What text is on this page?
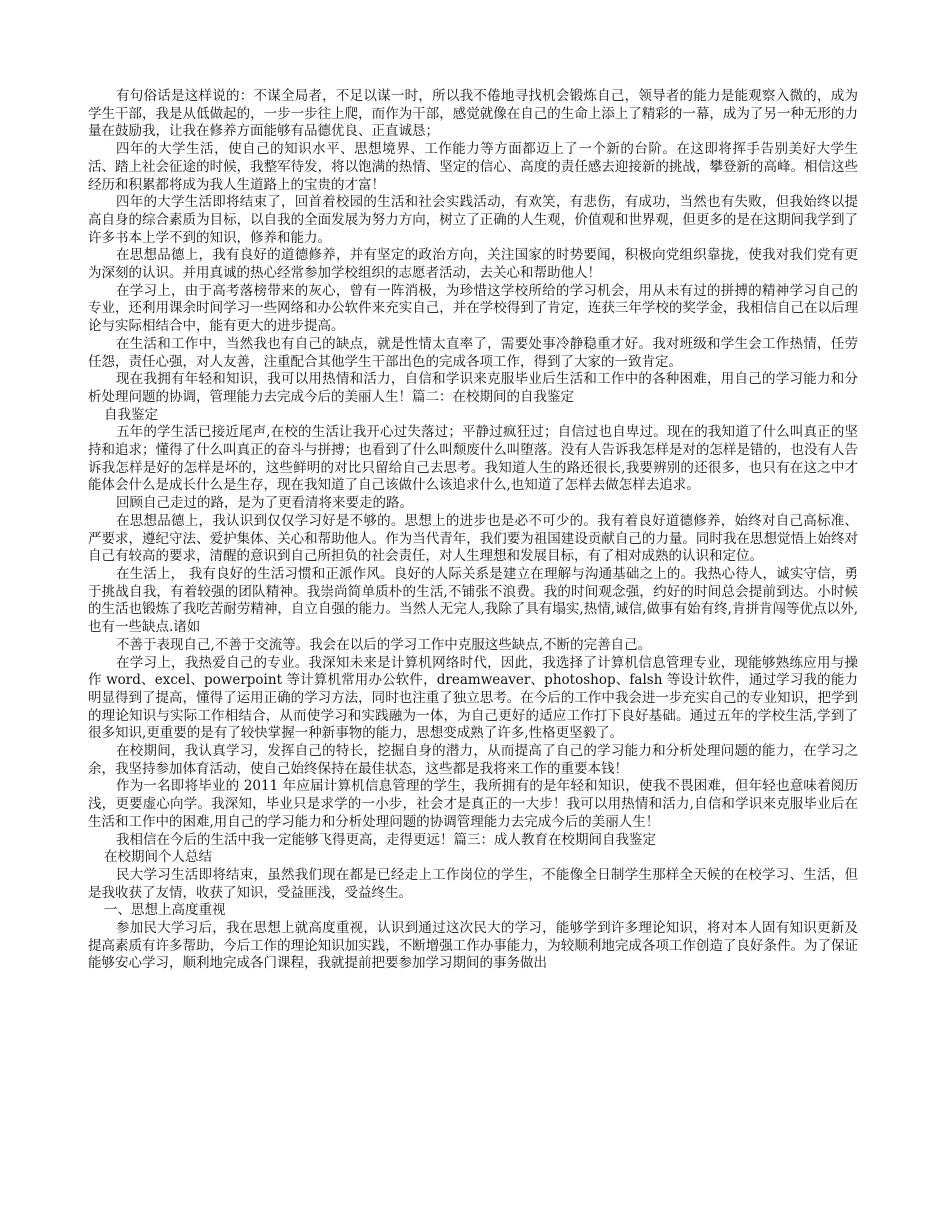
有句俗话是这样说的：不谋全局者，不足以谋一时，所以我不倦地寻找机会锻炼自己，领导者的能力是能观察入微的，成为学生干部，我是从低做起的，一步一步往上爬，而作为干部，感觉就像在自己的生命上添上了精彩的一幕，成为了另一种无形的力量在鼓励我，让我在修养方面能够有品德优良、正直诚恳；

四年的大学生活，使自己的知识水平、思想境界、工作能力等方面都迈上了一个新的台阶。在这即将挥手告别美好大学生活、踏上社会征途的时候，我整军待发，将以饱满的热情、坚定的信心、高度的责任感去迎接新的挑战，攀登新的高峰。相信这些经历和积累都将成为我人生道路上的宝贵的才富！

四年的大学生活即将结束了，回首着校园的生活和社会实践活动，有欢笑，有悲伤，有成功，当然也有失败，但我始终以提高自身的综合素质为目标，以自我的全面发展为努力方向，树立了正确的人生观，价值观和世界观，但更多的是在这期间我学到了许多书本上学不到的知识，修养和能力。

在思想品德上，我有良好的道德修养，并有坚定的政治方向，关注国家的时势要闻，积极向党组织靠拢，使我对我们党有更为深刻的认识。并用真诚的热心经常参加学校组织的志愿者活动，去关心和帮助他人！

在学习上，由于高考落榜带来的灰心，曾有一阵消极，为珍惜这学校所给的学习机会，用从未有过的拼搏的精神学习自己的专业，还利用课余时间学习一些网络和办公软件来充实自己，并在学校得到了肯定，连获三年学校的奖学金，我相信自己在以后理论与实际相结合中，能有更大的进步提高。

在生活和工作中，当然我也有自己的缺点，就是性情太直率了，需要处事冷静稳重才好。我对班级和学生会工作热情，任劳任怨，责任心强，对人友善，注重配合其他学生干部出色的完成各项工作，得到了大家的一致肯定。

现在我拥有年轻和知识，我可以用热情和活力，自信和学识来克服毕业后生活和工作中的各种困难，用自己的学习能力和分析处理问题的协调，管理能力去完成今后的美丽人生！篇二：在校期间的自我鉴定

自我鉴定

五年的学生活已接近尾声,在校的生活让我开心过失落过；平静过疯狂过；自信过也自卑过。现在的我知道了什么叫真正的坚持和追求；懂得了什么叫真正的奋斗与拼搏；也看到了什么叫颓废什么叫堕落。没有人告诉我怎样是对的怎样是错的，也没有人告诉我怎样是好的怎样是坏的，这些鲜明的对比只留给自己去思考。我知道人生的路还很长,我要辨别的还很多，也只有在这之中才能体会什么是成长什么是生存，现在我知道了自己该做什么该追求什么,也知道了怎样去做怎样去追求。

回顾自己走过的路，是为了更看清将来要走的路。

在思想品德上，我认识到仅仅学习好是不够的。思想上的进步也是必不可少的。我有着良好道德修养，始终对自己高标准、严要求，遵纪守法、爱护集体、关心和帮助他人。作为当代青年，我们要为祖国建设贡献自己的力量。同时我在思想觉悟上始终对自己有较高的要求，清醒的意识到自己所担负的社会责任，对人生理想和发展目标，有了相对成熟的认识和定位。

在生活上， 我有良好的生活习惯和正派作风。良好的人际关系是建立在理解与沟通基础之上的。我热心待人，诚实守信，勇于挑战自我，有着较强的团队精神。我崇尚简单质朴的生活,不铺张不浪费。我的时间观念强，约好的时间总会提前到达。小时候的生活也锻炼了我吃苦耐劳精神，自立自强的能力。当然人无完人,我除了具有塌实,热情,诚信,做事有始有终,肯拼肯闯等优点以外,也有一些缺点.诸如

不善于表现自己,不善于交流等。我会在以后的学习工作中克服这些缺点,不断的完善自己。

在学习上，我热爱自己的专业。我深知未来是计算机网络时代，因此，我选择了计算机信息管理专业，现能够熟练应用与操作 word、excel、powerpoint 等计算机常用办公软件，dreamweaver、photoshop、falsh 等设计软件，通过学习我的能力明显得到了提高，懂得了运用正确的学习方法，同时也注重了独立思考。在今后的工作中我会进一步充实自己的专业知识，把学到的理论知识与实际工作相结合，从而使学习和实践融为一体，为自己更好的适应工作打下良好基础。通过五年的学校生活,学到了很多知识,更重要的是有了较快掌握一种新事物的能力，思想变成熟了许多,性格更坚毅了。

在校期间，我认真学习，发挥自己的特长，挖掘自身的潜力，从而提高了自己的学习能力和分析处理问题的能力，在学习之余，我坚持参加体育活动，使自己始终保持在最佳状态，这些都是我将来工作的重要本钱！

作为一名即将毕业的 2011 年应届计算机信息管理的学生，我所拥有的是年轻和知识，使我不畏困难，但年轻也意味着阅历浅，更要虚心向学。我深知，毕业只是求学的一小步，社会才是真正的一大步！我可以用热情和活力,自信和学识来克服毕业后在生活和工作中的困难,用自己的学习能力和分析处理问题的协调管理能力去完成今后的美丽人生！

我相信在今后的生活中我一定能够飞得更高，走得更远！篇三：成人教育在校期间自我鉴定

在校期间个人总结

民大学习生活即将结束，虽然我们现在都是已经走上工作岗位的学生，不能像全日制学生那样全天候的在校学习、生活，但是我收获了友情，收获了知识，受益匪浅，受益终生。

一、思想上高度重视

参加民大学习后，我在思想上就高度重视，认识到通过这次民大的学习，能够学到许多理论知识，将对本人固有知识更新及提高素质有许多帮助，今后工作的理论知识加实践，不断增强工作办事能力，为较顺利地完成各项工作创造了良好条件。为了保证能够安心学习，顺利地完成各门课程，我就提前把要参加学习期间的事务做出
